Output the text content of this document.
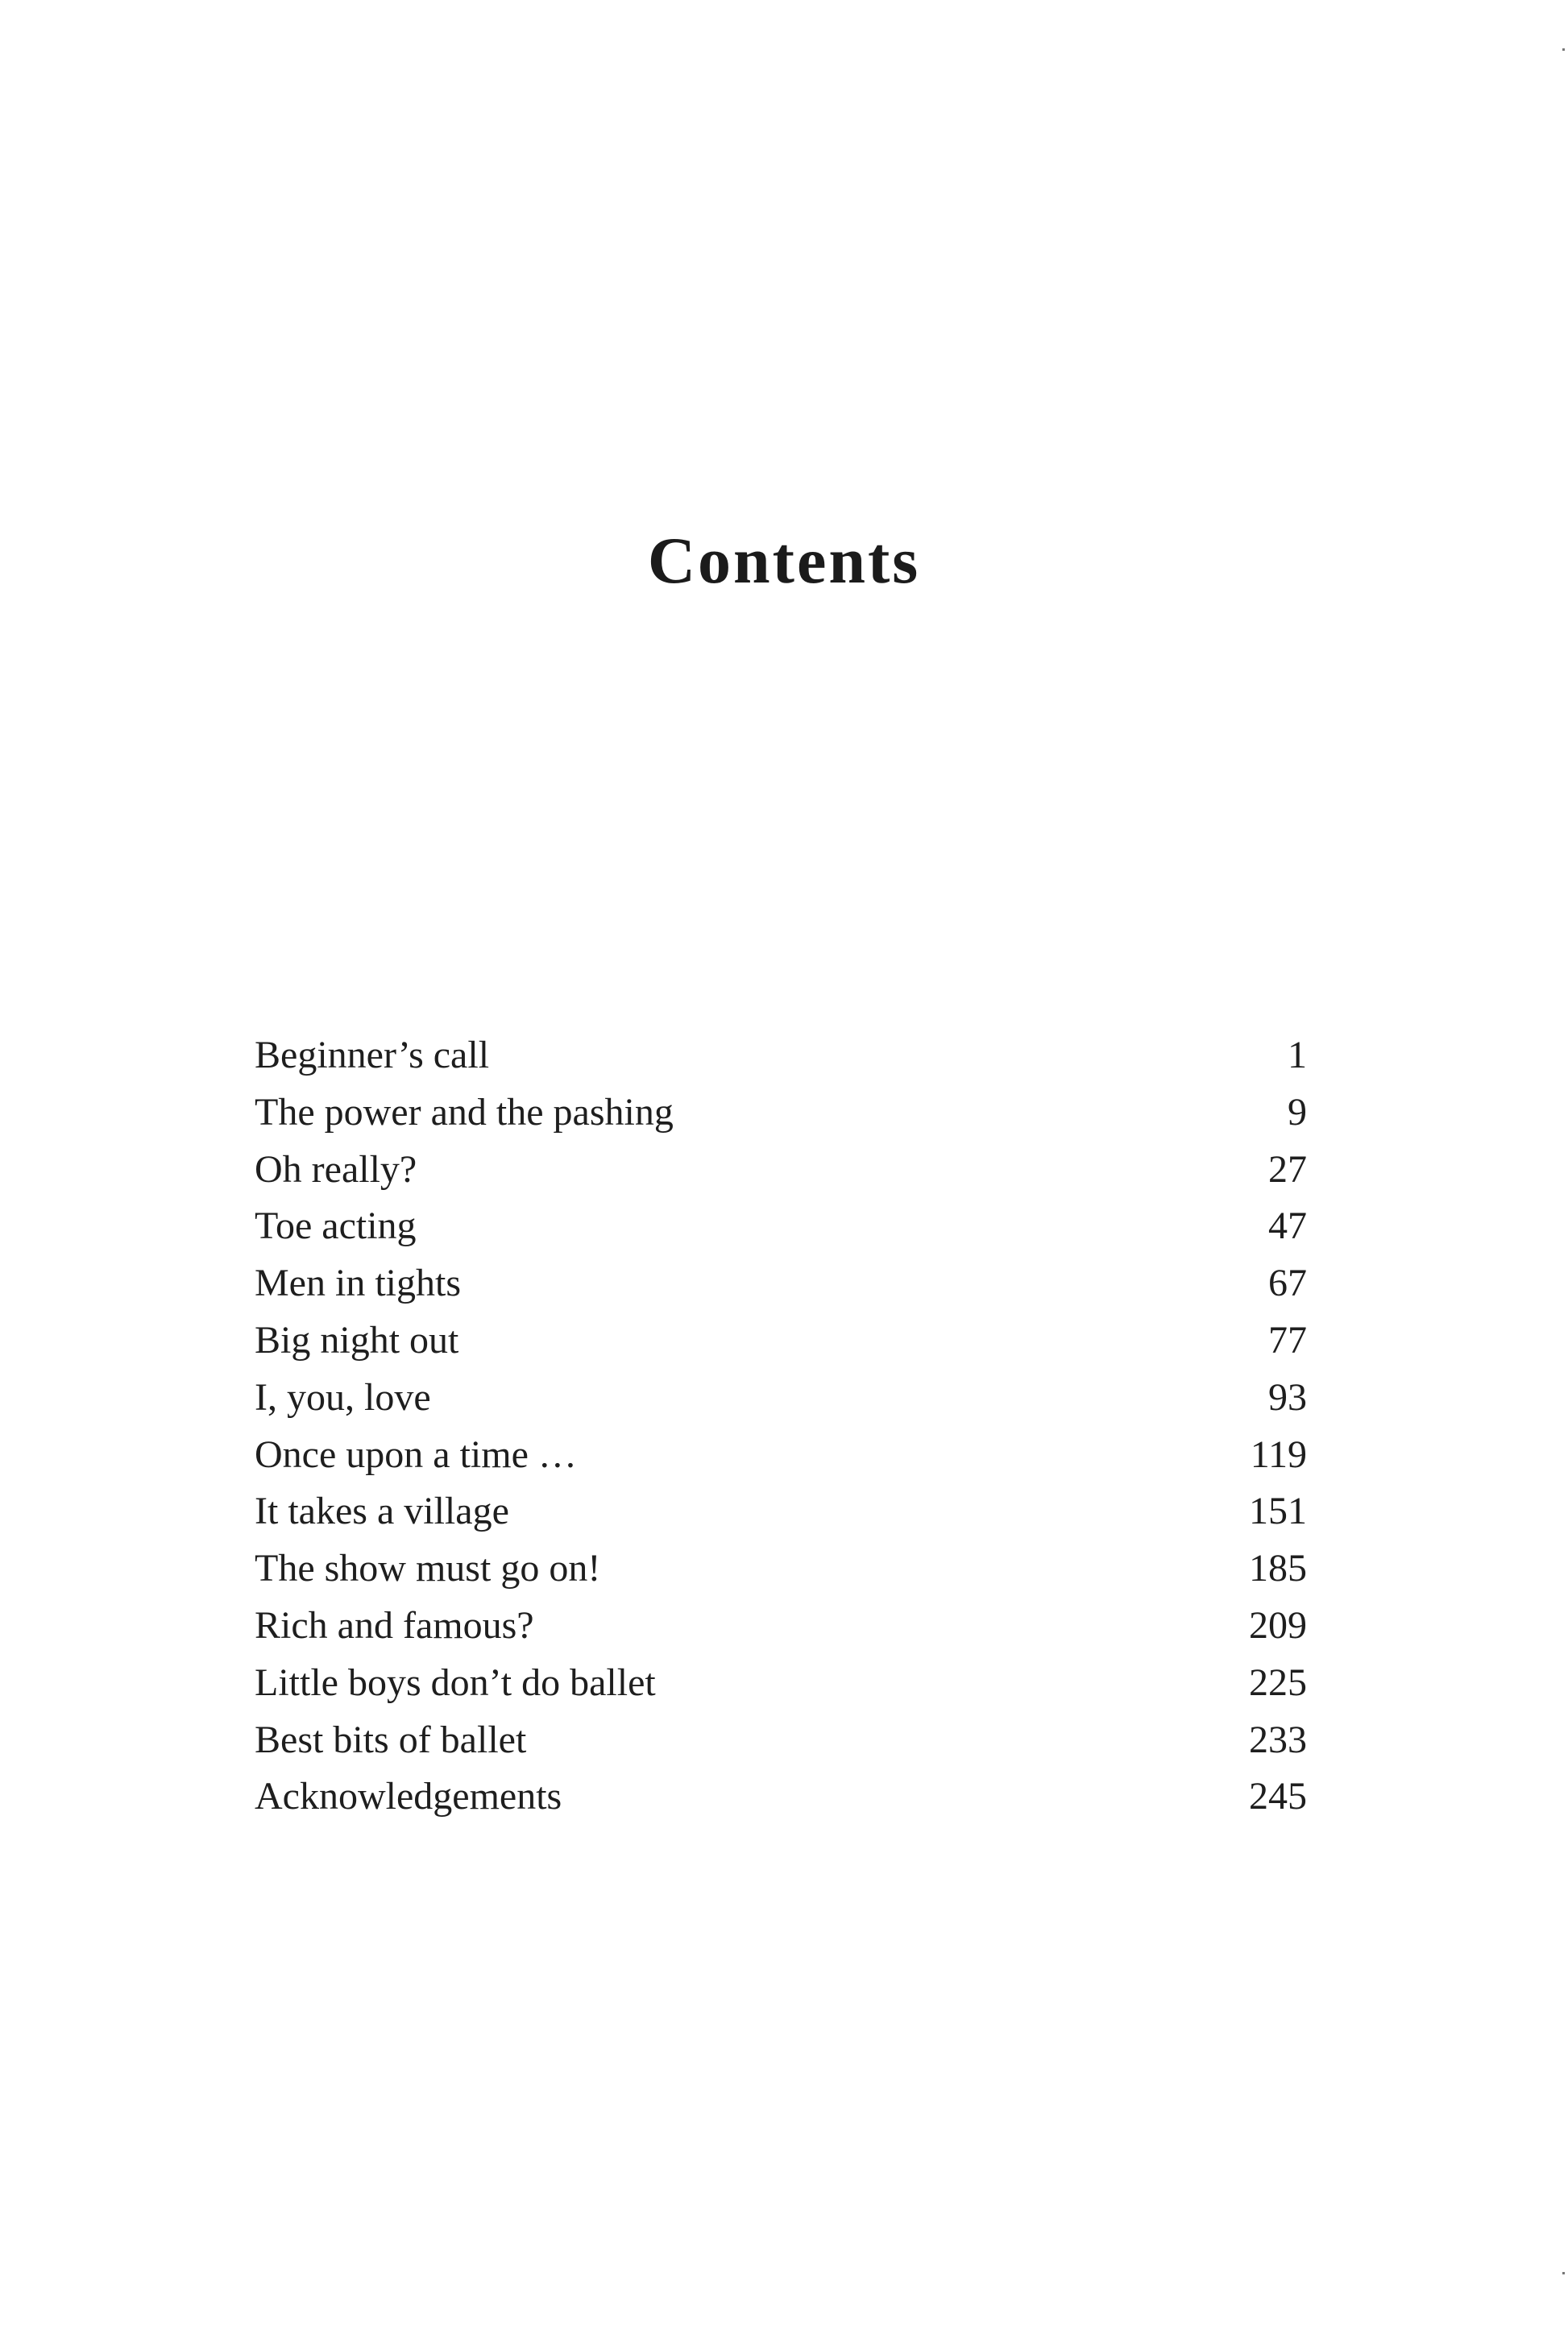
Contents
Beginner’s call	1
The power and the pashing	9
Oh really?	27
Toe acting	47
Men in tights	67
Big night out	77
I, you, love	93
Once upon a time …	119
It takes a village	151
The show must go on!	185
Rich and famous?	209
Little boys don’t do ballet	225
Best bits of ballet	233
Acknowledgements	245
